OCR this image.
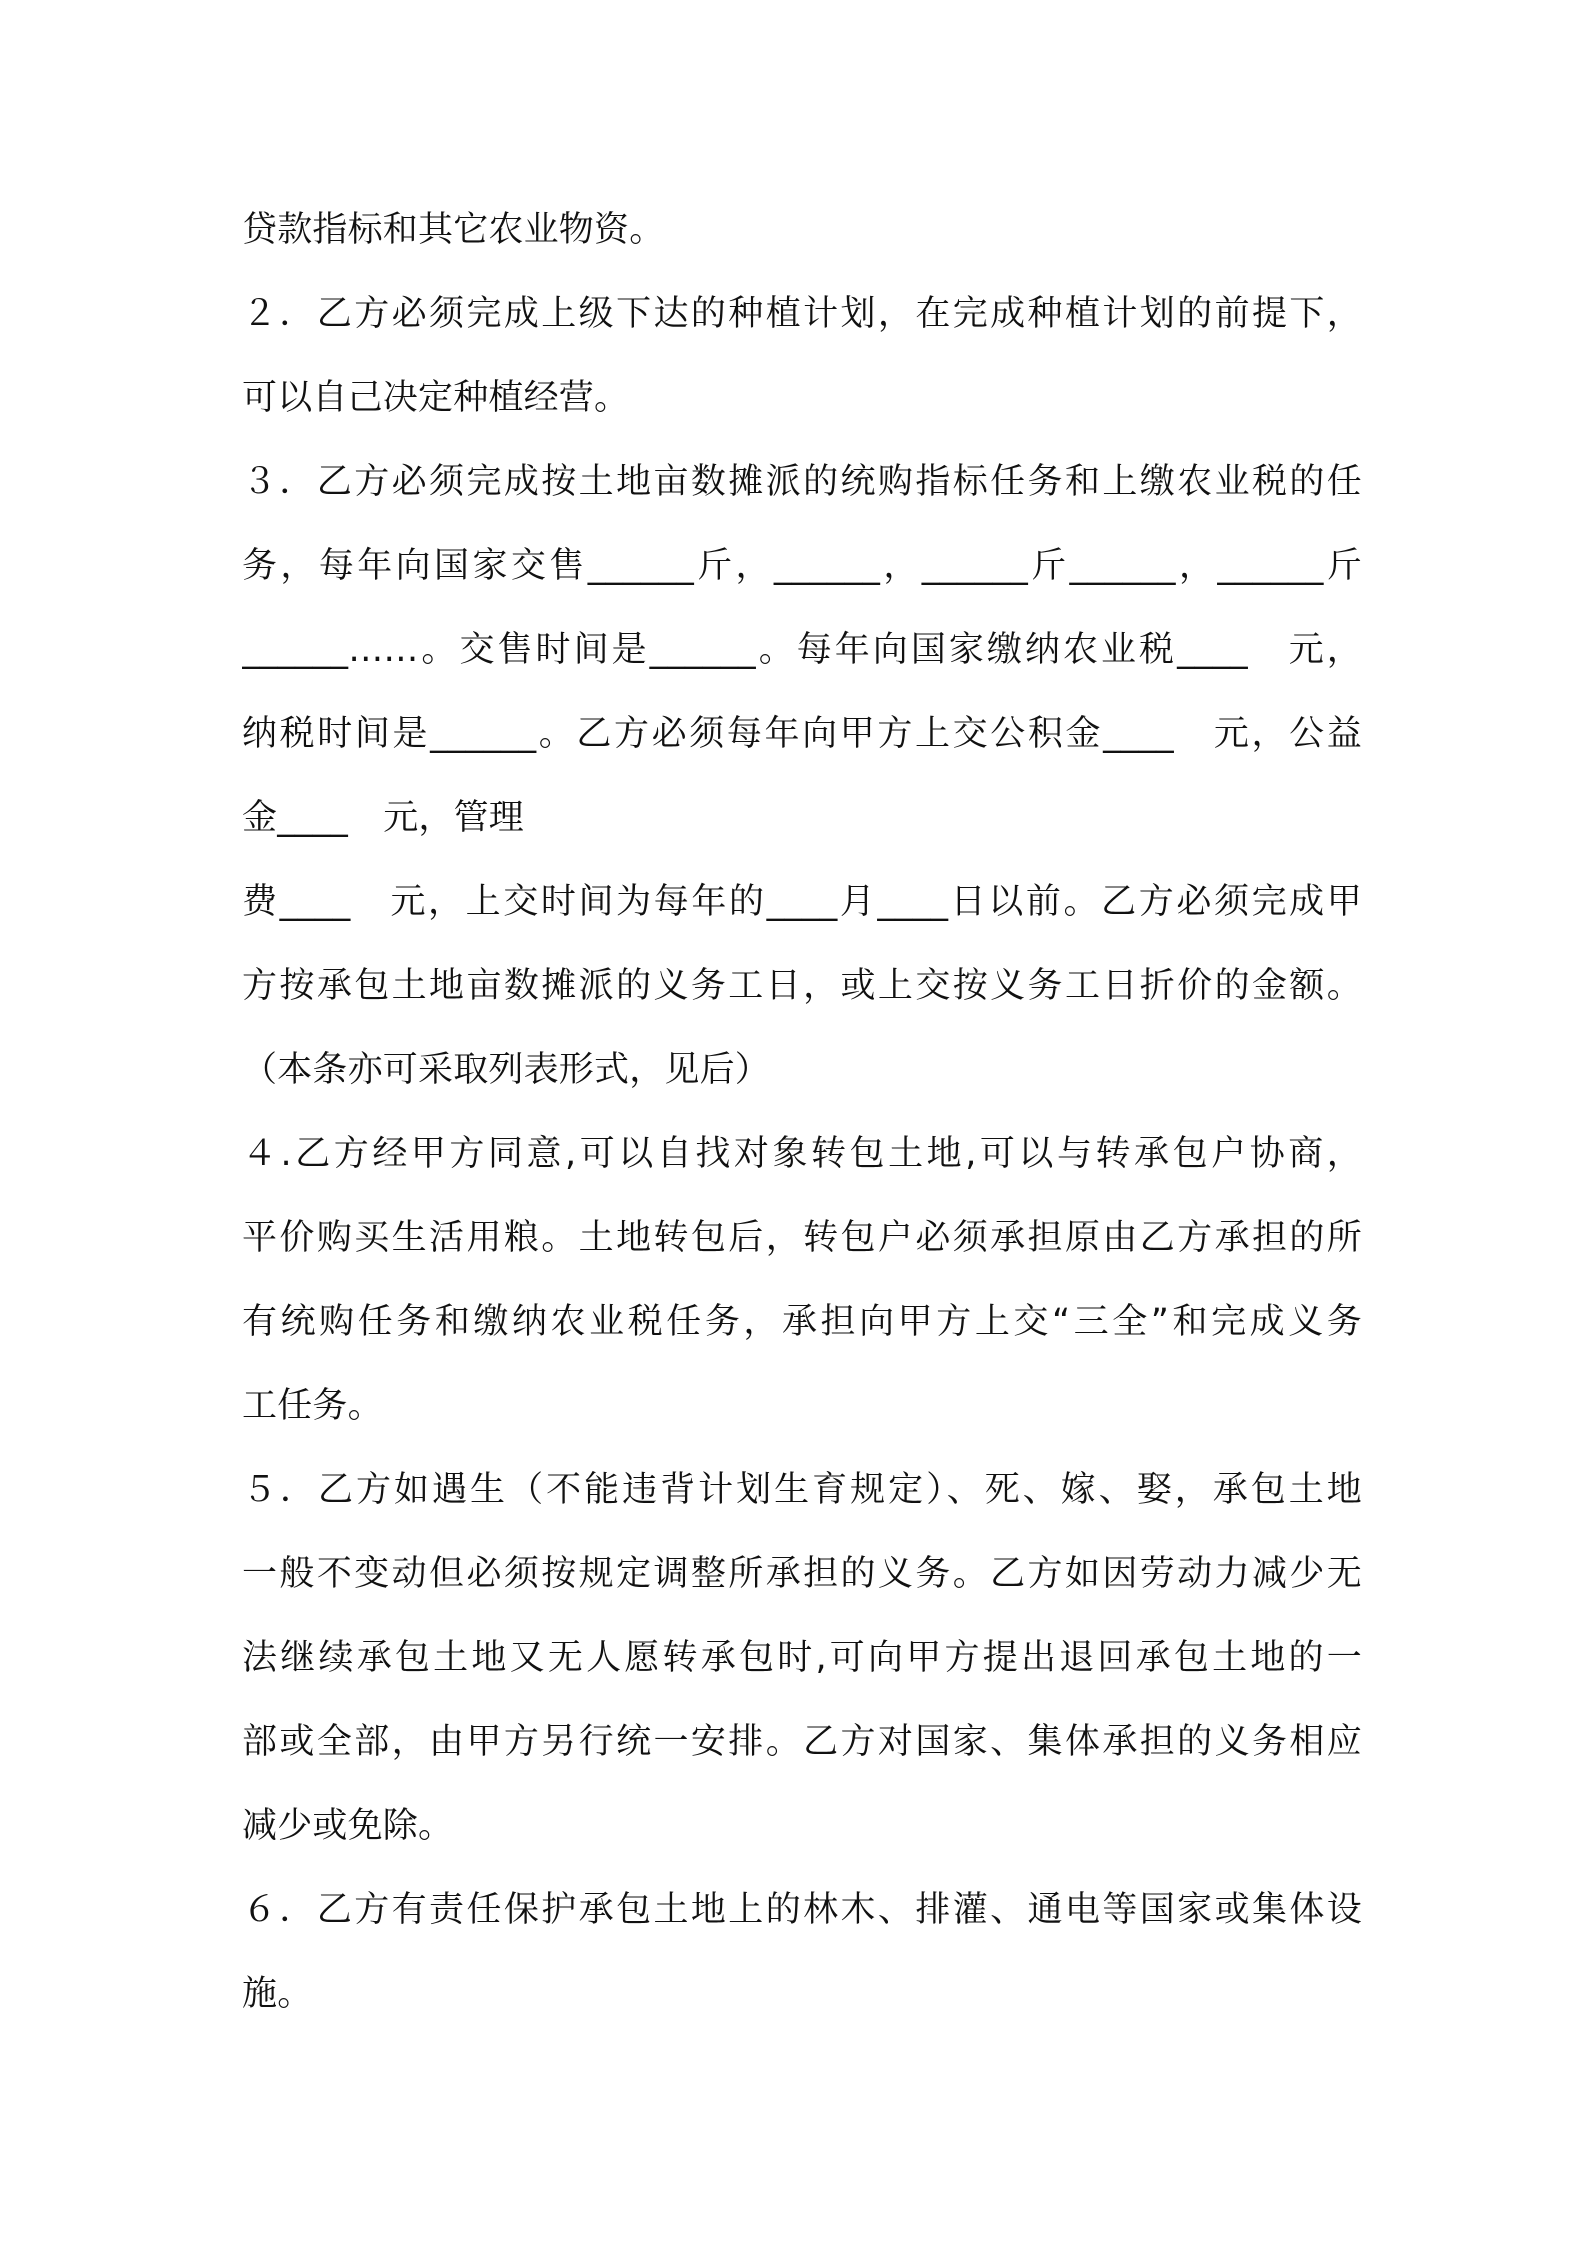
贷款指标和其它农业物资。
２．乙方必须完成上级下达的种植计划，在完成种植计划的前提下，
可以自己决定种植经营。
３．乙方必须完成按土地亩数摊派的统购指标任务和上缴农业税的任
务，每年向国家交售______斤，______，______斤______，______斤
______……。交售时间是______。每年向国家缴纳农业税____　元，
纳税时间是______。乙方必须每年向甲方上交公积金____　元，公益
金____　元，管理
费____　元，上交时间为每年的____月____日以前。乙方必须完成甲
方按承包土地亩数摊派的义务工日，或上交按义务工日折价的金额。
（本条亦可采取列表形式，见后）
４.乙方经甲方同意,可以自找对象转包土地,可以与转承包户协商，
平价购买生活用粮。土地转包后，转包户必须承担原由乙方承担的所
有统购任务和缴纳农业税任务，承担向甲方上交“三全”和完成义务
工任务。
５．乙方如遇生（不能违背计划生育规定）、死、嫁、娶，承包土地
一般不变动但必须按规定调整所承担的义务。乙方如因劳动力减少无
法继续承包土地又无人愿转承包时,可向甲方提出退回承包土地的一
部或全部，由甲方另行统一安排。乙方对国家、集体承担的义务相应
减少或免除。
６．乙方有责任保护承包土地上的林木、排灌、通电等国家或集体设
施。
